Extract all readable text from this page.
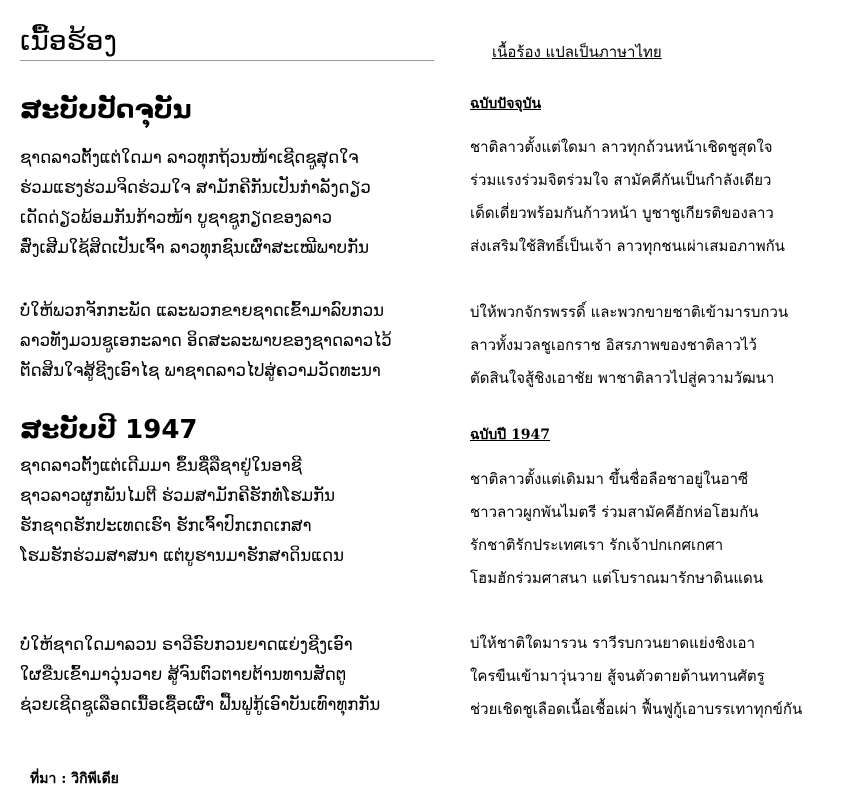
ເນື້ອຮ້ອງ
ສະບັບປັດຈຸບັນ
ຊາດລາວຕັ້ງແຕ່ໃດມາ ລາວທຸກຖ້ວນໜ້າເຊີດຊູສຸດໃຈ
ຮ່ວມແຮງຮ່ວມຈິດຮ່ວມໃຈ ສາມັກຄີກັນເປັນກໍາລັງດຽວ
ເດັດດ່ຽວພ້ອມກັນກ້າວໜ້າ ບູຊາຊູກຽດຂອງລາວ
ສົ່ງເສີມໃຊ້ສິດເປັນເຈົ້າ ລາວທຸກຊົນເຜົ່າສະເໝີພາບກັນ
ບໍ່ໃຫ້ພວກຈັກກະພັດ ແລະພວກຂາຍຊາດເຂົ້າມາລົບກວນ
ລາວທັງມວນຊູເອກະລາດ ອິດສະລະພາບຂອງຊາດລາວໄວ້
ຕັດສິນໃຈສູ້ຊີງເອົາໄຊ ພາຊາດລາວໄປສູ່ຄວາມວັດທະນາ
ສະບັບປີ 1947
ຊາດລາວຕັ້ງແຕ່ເດີມມາ ຂຶ້ນຊື່ລືຊາຢູ່ໃນອາຊີ
ຊາວລາວຜູກພັນໄມຕີ ຮ່ວມສາມັກຄີຮັກທໍ່ໂຮມກັນ
ຮັກຊາດຮັກປະເທດເຮົາ ຮັກເຈົ້າປົກເກດເກສາ
ໂຮມຮັກຮ່ວມສາສນາ ແຕ່ບູຮານມາຮັກສາດິນແດນ
ບໍ່ໃຫ້ຊາດໃດມາລວນ ຣາວີຣົບກວນຍາດແຍ່ງຊີງເອົາ
ໃຜຂືນເຂົ້າມາວຸ່ນວາຍ ສູ້ຈົນຕົວຕາຍຕ້ານທານສັດຕູ
ຊ່ວຍເຊີດຊູເລືອດເນື້ອເຊື້ອເຜົ່າ ຟື້ນຟູກູ້ເອົາບັນເທົາທຸກກັນ
เนื้อร้อง แปลเป็นภาษาไทย
ฉบับปัจจุบัน
ชาติลาวตั้งแต่ใดมา ลาวทุกถ้วนหน้าเชิดชูสุดใจ
ร่วมแรงร่วมจิตร่วมใจ สามัคคีกันเป็นกำลังเดียว
เด็ดเดี่ยวพร้อมกันก้าวหน้า บูชาชูเกียรติของลาว
ส่งเสริมใช้สิทธิ์เป็นเจ้า ลาวทุกชนเผ่าเสมอภาพกัน
บ่ให้พวกจักรพรรดิ์ และพวกขายชาติเข้ามารบกวน
ลาวทั้งมวลชูเอกราช อิสรภาพของชาติลาวไว้
ตัดสินใจสู้ชิงเอาชัย พาชาติลาวไปสู่ความวัฒนา
ฉบับปี 1947
ชาติลาวตั้งแต่เดิมมา ขึ้นชื่อลือชาอยู่ในอาซี
ชาวลาวผูกพันไมตรี ร่วมสามัคคีฮักห่อโฮมกัน
รักชาติรักประเทศเรา รักเจ้าปกเกศเกศา
โฮมฮักร่วมศาสนา แต่โบราณมารักษาดินแดน
บ่ให้ชาติใดมารวน ราวีรบกวนยาดแย่งชิงเอา
ใครขืนเข้ามาวุ่นวาย สู้จนตัวตายต้านทานศัตรู
ช่วยเชิดชูเลือดเนื้อเชื้อเผ่า ฟื้นฟูกู้เอาบรรเทาทุกข์กัน
ที่มา : วิกิพีเดีย
